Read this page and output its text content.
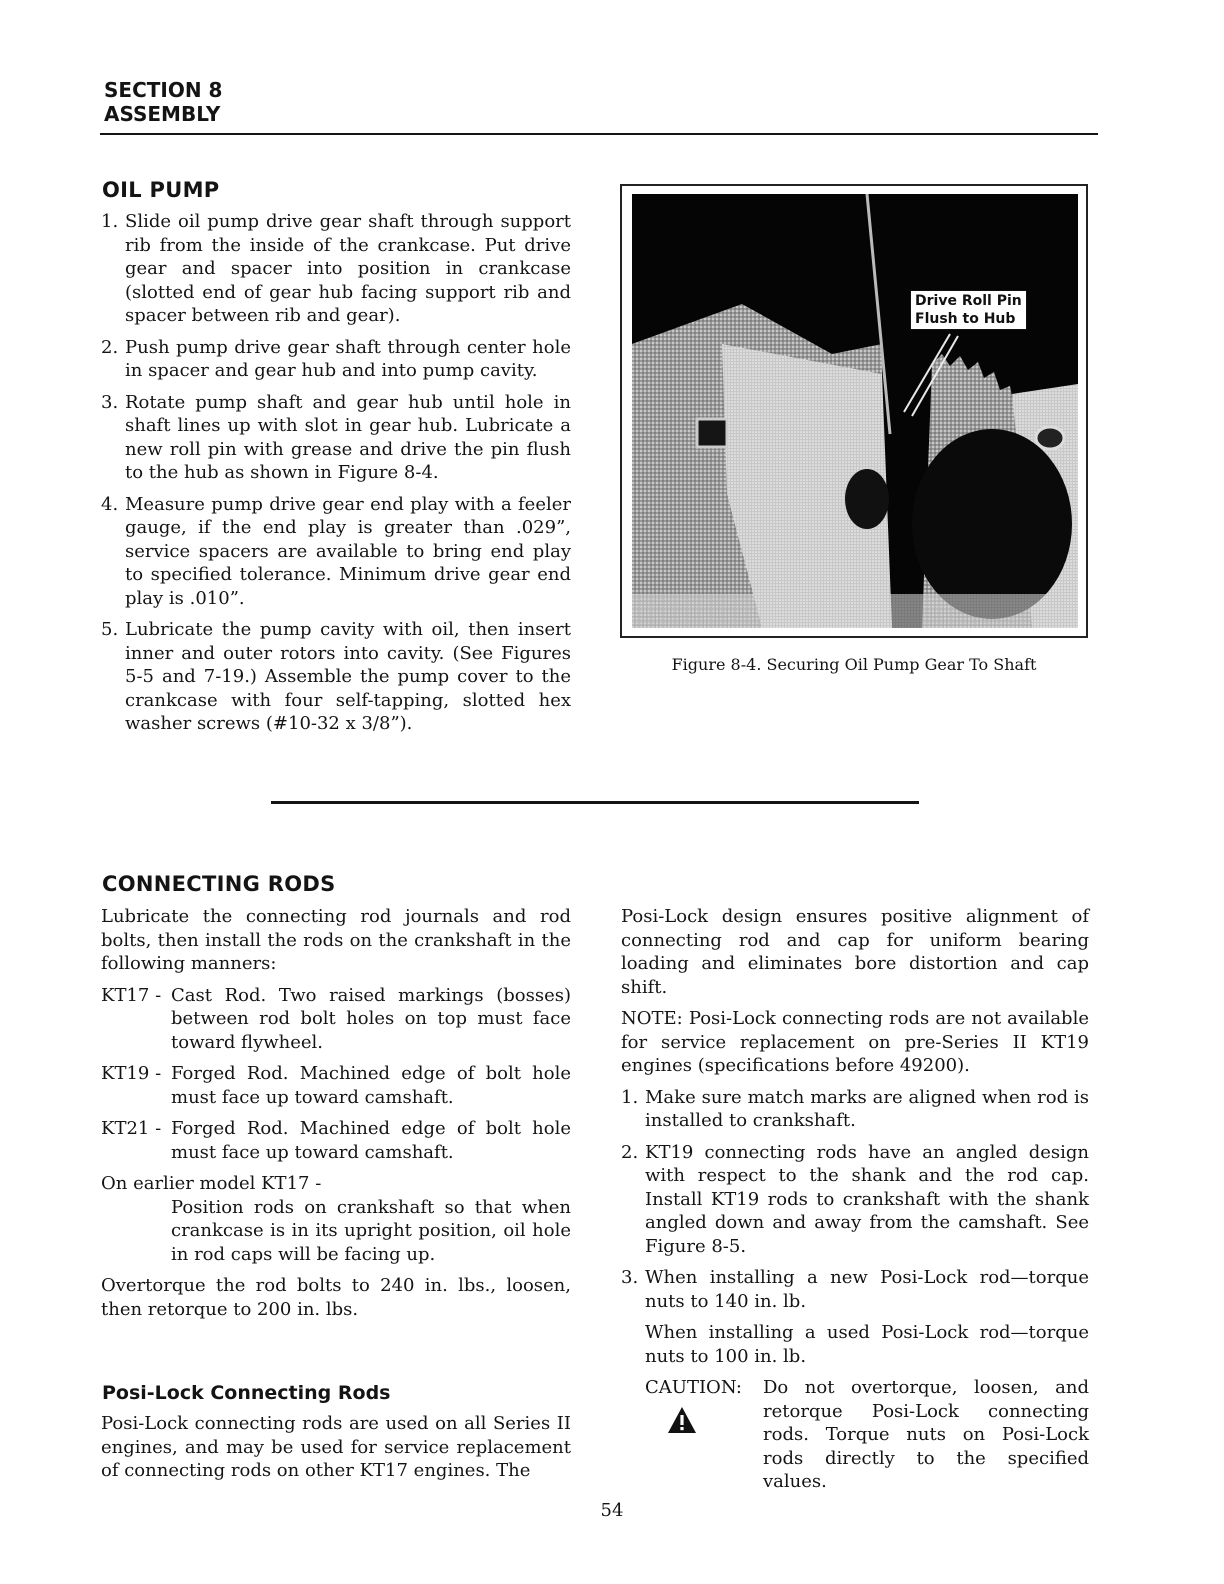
SECTION 8
ASSEMBLY
OIL PUMP
1. Slide oil pump drive gear shaft through support rib from the inside of the crankcase. Put drive gear and spacer into position in crankcase (slotted end of gear hub facing support rib and spacer between rib and gear).
2. Push pump drive gear shaft through center hole in spacer and gear hub and into pump cavity.
3. Rotate pump shaft and gear hub until hole in shaft lines up with slot in gear hub. Lubricate a new roll pin with grease and drive the pin flush to the hub as shown in Figure 8-4.
4. Measure pump drive gear end play with a feeler gauge, if the end play is greater than .029”, service spacers are available to bring end play to specified tolerance. Minimum drive gear end play is .010”.
5. Lubricate the pump cavity with oil, then insert inner and outer rotors into cavity. (See Figures 5-5 and 7-19.) Assemble the pump cover to the crankcase with four self-tapping, slotted hex washer screws (#10-32 x 3/8”).
Drive Roll Pin
Flush to Hub
Figure 8-4. Securing Oil Pump Gear To Shaft
CONNECTING RODS

Lubricate the connecting rod journals and rod bolts, then install the rods on the crankshaft in the following manners:

KT17 - Cast Rod. Two raised markings (bosses) between rod bolt holes on top must face toward flywheel.
KT19 - Forged Rod. Machined edge of bolt hole must face up toward camshaft.
KT21 - Forged Rod. Machined edge of bolt hole must face up toward camshaft.
On earlier model KT17 -
Position rods on crankshaft so that when crankcase is in its upright position, oil hole in rod caps will be facing up.

Overtorque the rod bolts to 240 in. lbs., loosen, then retorque to 200 in. lbs.

Posi-Lock Connecting Rods

Posi-Lock connecting rods are used on all Series II engines, and may be used for service replacement of connecting rods on other KT17 engines. The

Posi-Lock design ensures positive alignment of connecting rod and cap for uniform bearing loading and eliminates bore distortion and cap shift.

NOTE: Posi-Lock connecting rods are not available for service replacement on pre-Series II KT19 engines (specifications before 49200).

1. Make sure match marks are aligned when rod is installed to crankshaft.
2. KT19 connecting rods have an angled design with respect to the shank and the rod cap. Install KT19 rods to crankshaft with the shank angled down and away from the camshaft. See Figure 8-5.
3. When installing a new Posi-Lock rod—torque nuts to 140 in. lb.
When installing a used Posi-Lock rod—torque nuts to 100 in. lb.
CAUTION:	Do not overtorque, loosen, and retorque Posi-Lock connecting rods. Torque nuts on Posi-Lock rods directly to the specified values.
54
